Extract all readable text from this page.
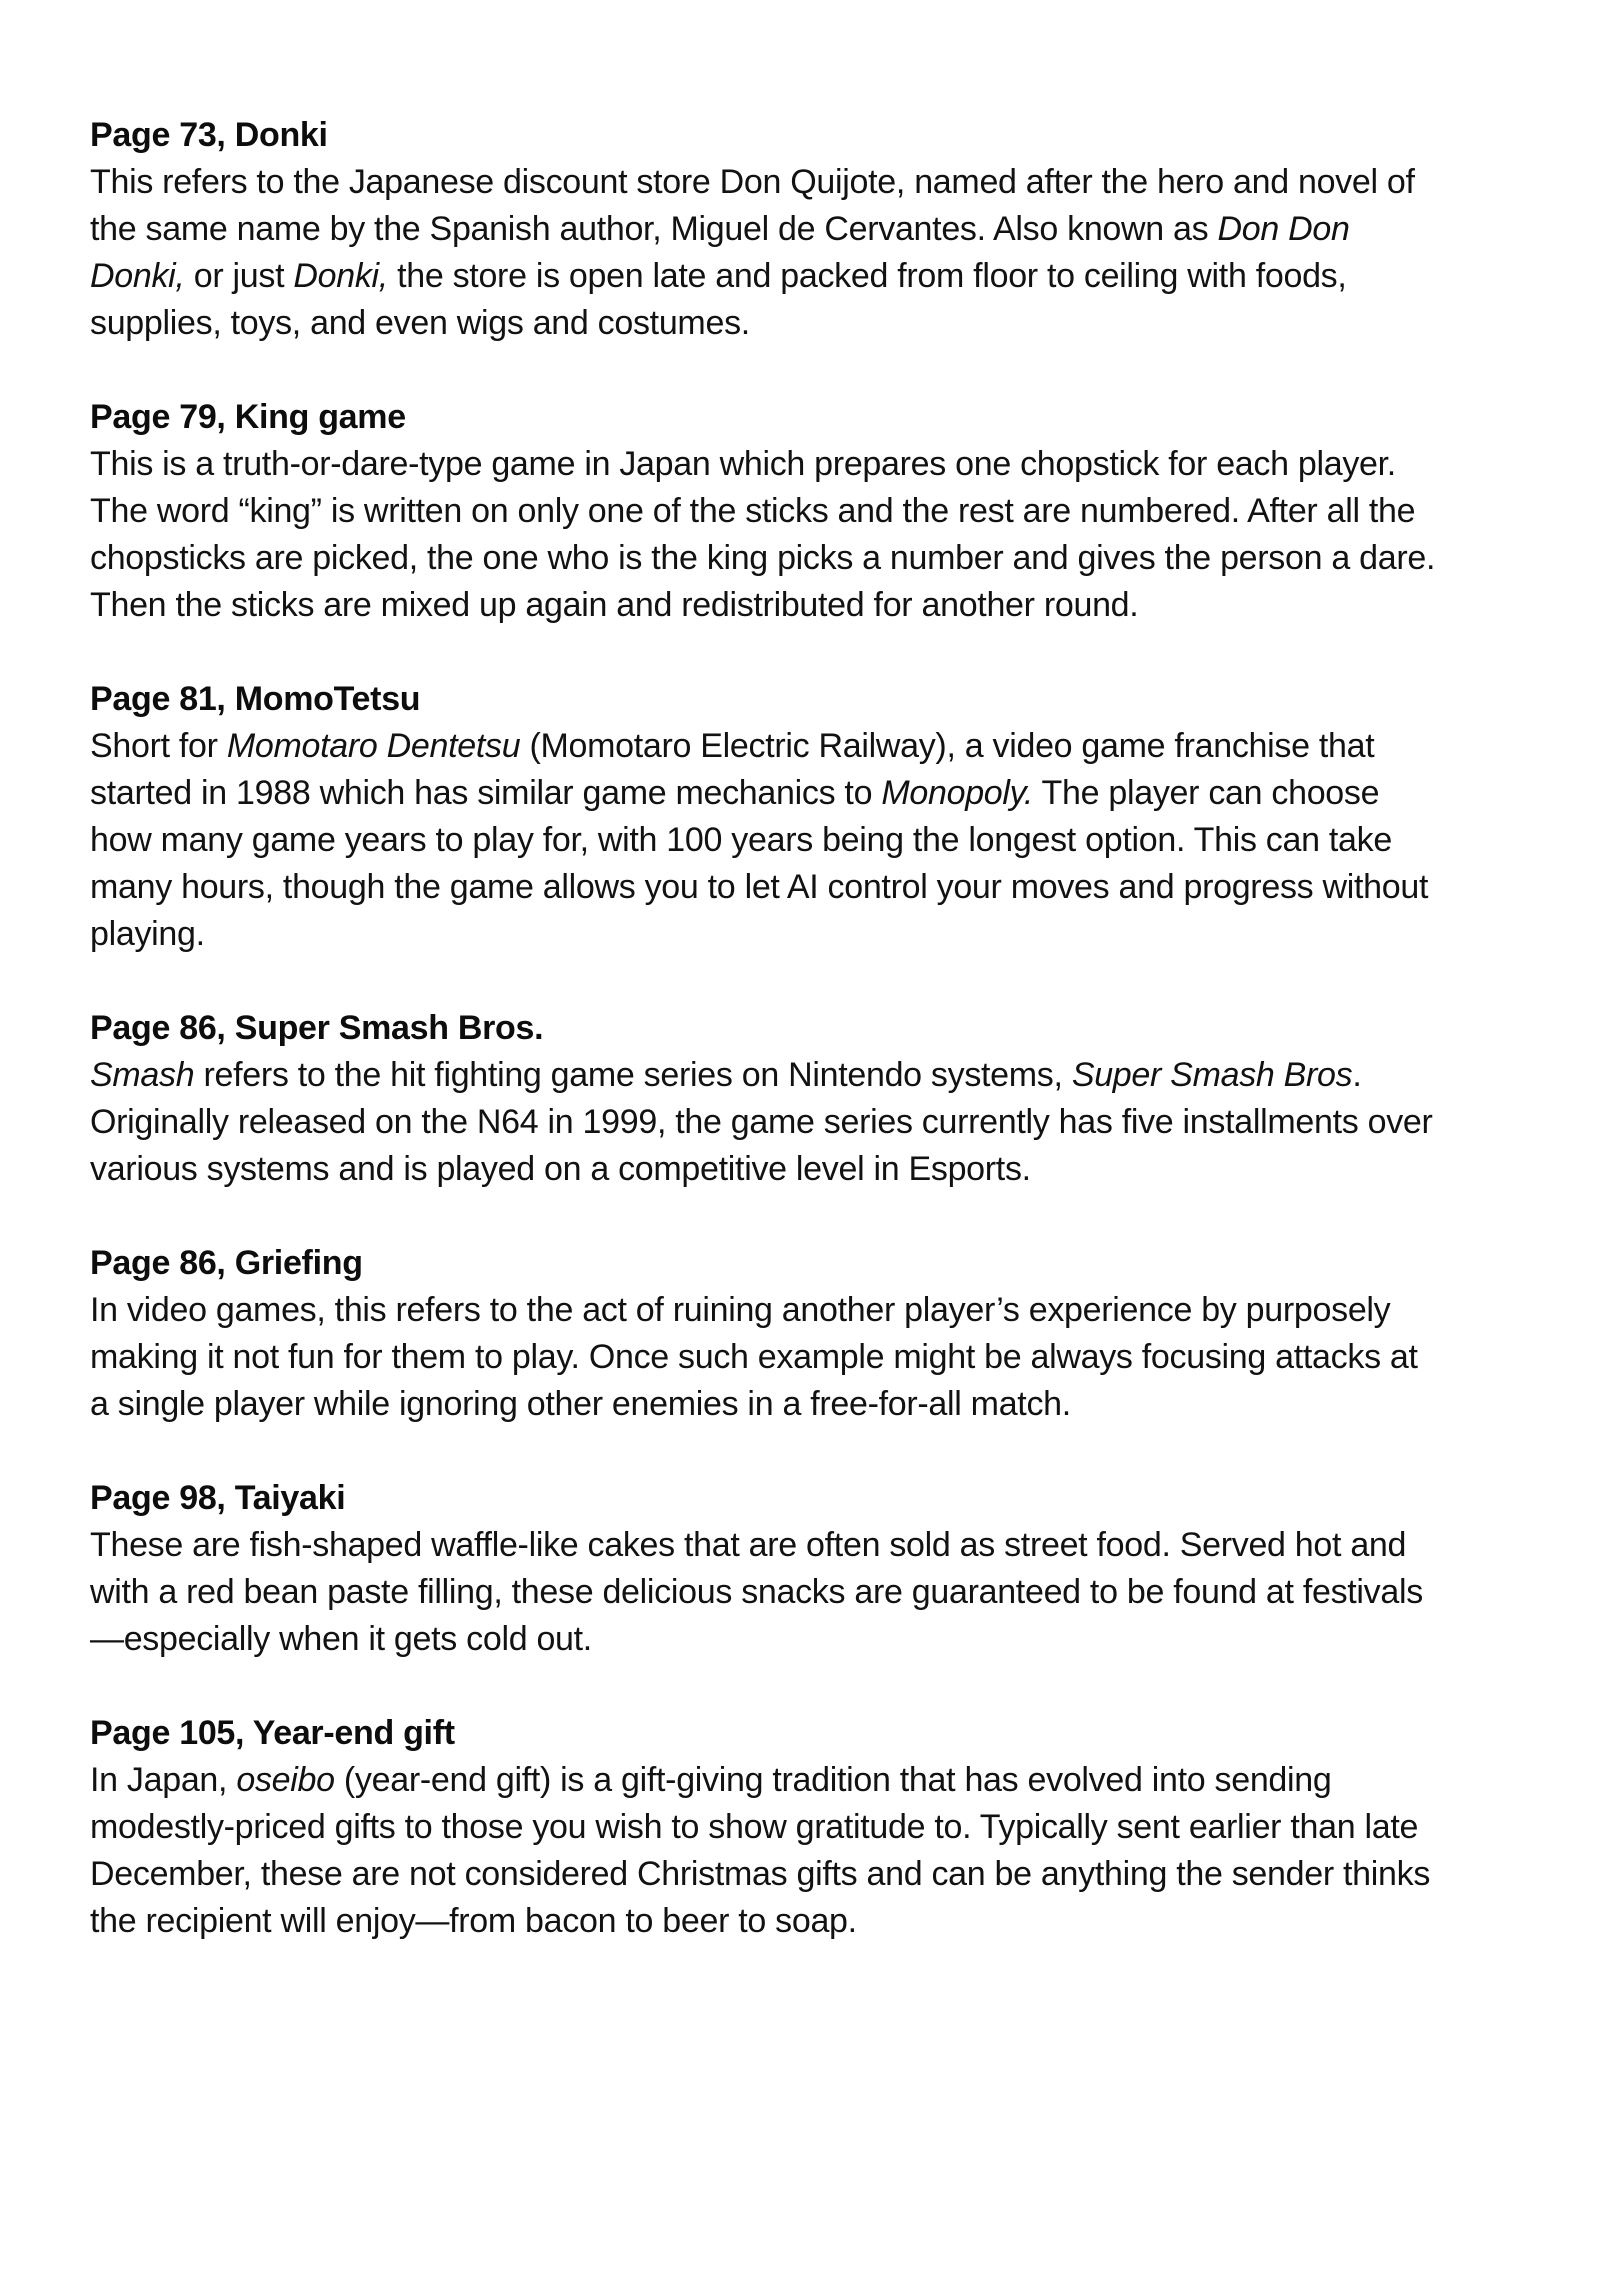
Page 73, Donki

This refers to the Japanese discount store Don Quijote, named after the hero and novel of the same name by the Spanish author, Miguel de Cervantes. Also known as Don Don Donki, or just Donki, the store is open late and packed from floor to ceiling with foods, supplies, toys, and even wigs and costumes.

Page 79, King game

This is a truth-or-dare-type game in Japan which prepares one chopstick for each player. The word “king” is written on only one of the sticks and the rest are numbered. After all the chopsticks are picked, the one who is the king picks a number and gives the person a dare. Then the sticks are mixed up again and redistributed for another round.

Page 81, MomoTetsu

Short for Momotaro Dentetsu (Momotaro Electric Railway), a video game franchise that started in 1988 which has similar game mechanics to Monopoly. The player can choose how many game years to play for, with 100 years being the longest option. This can take many hours, though the game allows you to let AI control your moves and progress without playing.

Page 86, Super Smash Bros.

Smash refers to the hit fighting game series on Nintendo systems, Super Smash Bros. Originally released on the N64 in 1999, the game series currently has five installments over various systems and is played on a competitive level in Esports.

Page 86, Griefing

In video games, this refers to the act of ruining another player’s experience by purposely making it not fun for them to play. Once such example might be always focusing attacks at a single player while ignoring other enemies in a free-for-all match.

Page 98, Taiyaki

These are fish-shaped waffle-like cakes that are often sold as street food. Served hot and with a red bean paste filling, these delicious snacks are guaranteed to be found at festivals—especially when it gets cold out.

Page 105, Year-end gift

In Japan, oseibo (year-end gift) is a gift-giving tradition that has evolved into sending modestly-priced gifts to those you wish to show gratitude to. Typically sent earlier than late December, these are not considered Christmas gifts and can be anything the sender thinks the recipient will enjoy—from bacon to beer to soap.
